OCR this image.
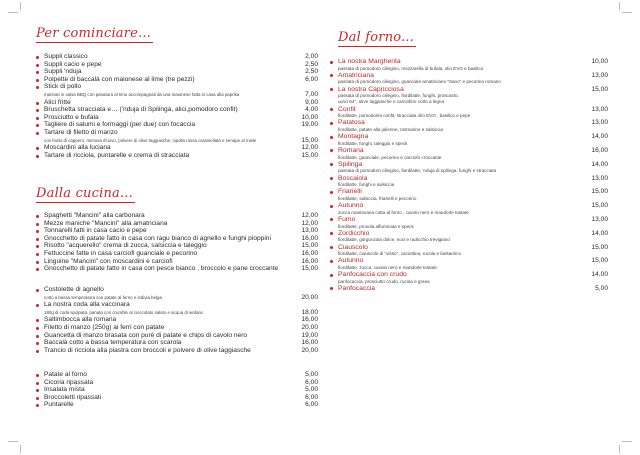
Per cominciare...
Suppli classico	2,00
Suppli cacio e pepe	2,50
Suppli 'nduja	2,50
Polpette di baccalà con maionese al lime (tre pezzi)	6,00
Stick di pollo
marinati in salsa BBQ con panatura al timo accompagnati da una maionese fatta in casa alla paprika	7,00
Alici fritte	9,00
Bruschetta stracciata e… ('nduja di Spilinga, alici,pomodoro confit)	4,00
Prosciutto e bufala	10,00
Tagliere di salumi e formaggi (per due) con focaccia	19,00
Tartare di filetto di manzo
con frutto di cappero, mimosa d'uovo, polvere di olive taggiasche, cipolla rossa caramellata e senape al miele	15,00
Moscardini alla luciana	12,00
Tartare di ricciola, puntarelle e crema di stracciata	15,00
Dalla cucina...
Spaghetti "Mancini" alla carbonara	12,00
Mezze maniche "Mancini" alla amatriciana	12,00
Tonnarelli fatti in casa cacio e pepe	13,00
Gnocchetto di patate fatto in casa con ragu bianco di agnello e funghi pioppini	16,00
Risotto "acquerello" crema di zucca, salsiccia e taleggio	15,00
Fettuccine fatte in casa carciofi guanciale e pecorino	16,00
Linguine "Mancini" con moscardini e carciofi	16,00
Gnocchetto di patate fatto in casa con pesce bianco , broccolo e pane croccante	15,00
Costolette di agnello
cotto a bassa temperatura con patate al forno e indivia belga	20,00
La nostra coda alla vaccinara
180g di coda spolpata, panata con crumble al cioccolato salato e acqua di sedano	18,00
Saltimbocca alla romana	16,00
Filetto di manzo (250g) ai ferri con patate	20,00
Guancetta di manzo brasata con purè di patate e chips di cavolo nero	19,00
Baccalà cotto a bassa temperatura con scarola	16,00
Trancio di ricciola alla piastra con broccoli e polvere di olive taggiasche	20,00
Patate al forno	5,00
Cicoria ripassata	6,00
Insalata mista	5,00
Broccoletti ripassati	6,00
Puntarelle	6,00
Dal forno...
La nostra Margherita	10,00
passata di pomodoro ciliegino, mozzarella di bufala, olio EVO e basilico
Amatriciana	13,00
passata di pomodoro ciliegino, guanciale amatriciano "Sano" e pecorino romano
La nostra Capricciosa	15,00
passata di pomodoro ciliegino, fiordilatte, funghi, prosciutto,
uovo 64°, olive taggiasche e carciofino cotto a legna
Confit	13,00
fiordilatte, pomodorini confit, stracciata olio EVO , basilico e pepe
Patatosa	13,00
fiordilatte, patate alla julienne, rosmarino e salsiccia
Montagna	14,00
fiordilatte, funghi, taleggio e speck
Romana	16,00
fiordilatte, guanciale, pecorino e carciofo croccante
Spilinga	14,00
passata di pomodoro ciliegino, fiordilatte, 'nduja di spilinga, funghi e stracciata
Boscaiola	13,00
fiordilatte, funghi e salsiccia
Friarielli	15,00
fiordilatte, salsiccia, friarielli e pecorino
Autunno	15,00
zucca mantovana cotta al forno , cavolo nero e mandorle tostate
Fumo	13,00
fiordilatte, provola affumicata e speck
Zordicchio	14,00
fiordilatte, gorgonzola dolce, noci e radicchio trevigiano
Ciauscolo	15,00
fiordilatte, ciauscolo di "visso", caciottina, rucola e balsamico
Autunno	15,00
fiordilatte, zucca, cavolo nero e mandorle tostate
Panfocaccia con crudo	14,00
panfocaccia, prosciutto crudo, rucola e grana
Panfocaccia	5,00
